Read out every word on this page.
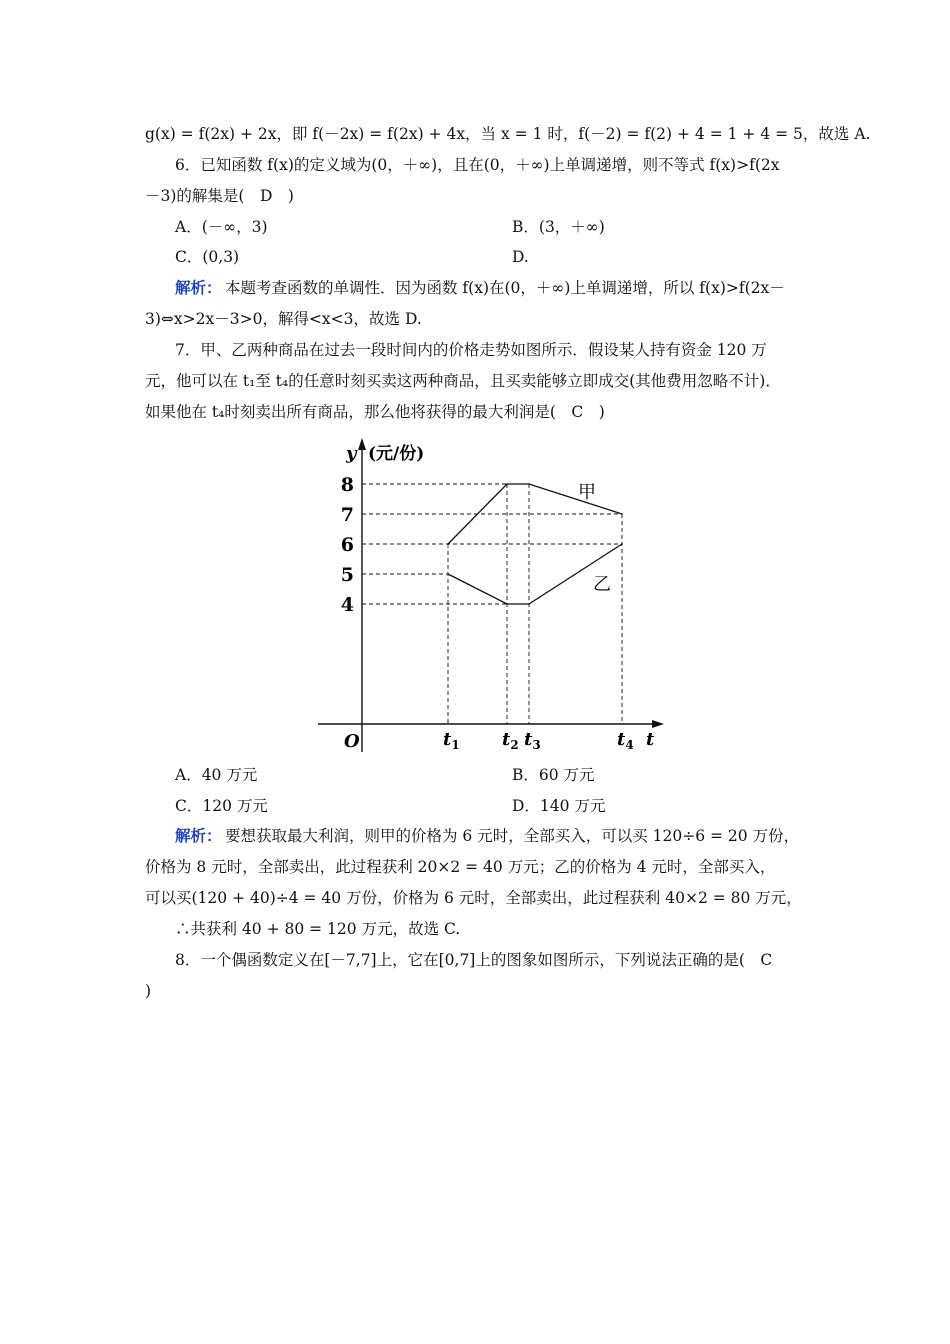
g(x) = f(2x) + 2x，即 f(－2x) = f(2x) + 4x，当 x = 1 时，f(－2) = f(2) + 4 = 1 + 4 = 5，故选 A.
6．已知函数 f(x)的定义域为(0，＋∞)，且在(0，＋∞)上单调递增，则不等式 f(x)>f(2x
－3)的解集是(　D　)
A．(－∞，3)	B．(3，＋∞)
C．(0,3)	D.
解析： 本题考查函数的单调性．因为函数 f(x)在(0，＋∞)上单调递增，所以 f(x)>f(2x－
3)⇔x>2x－3>0，解得<x<3，故选 D.
7．甲、乙两种商品在过去一段时间内的价格走势如图所示．假设某人持有资金 120 万
元，他可以在 t₁至 t₄的任意时刻买卖这两种商品，且买卖能够立即成交(其他费用忽略不计)．
如果他在 t₄时刻卖出所有商品，那么他将获得的最大利润是(　C　)
甲
乙
4
5
6
7
8
y (元/份)
O	$t_1$ $t_2$ $t_3$	$t_4$ t
A．40 万元	B．60 万元
C．120 万元	D．140 万元
解析： 要想获取最大利润，则甲的价格为 6 元时，全部买入，可以买 120÷6 = 20 万份，
价格为 8 元时，全部卖出，此过程获利 20×2 = 40 万元；乙的价格为 4 元时，全部买入，
可以买(120 + 40)÷4 = 40 万份，价格为 6 元时，全部卖出，此过程获利 40×2 = 80 万元，
∴共获利 40 + 80 = 120 万元，故选 C.
8．一个偶函数定义在[－7,7]上，它在[0,7]上的图象如图所示，下列说法正确的是(　C
)
